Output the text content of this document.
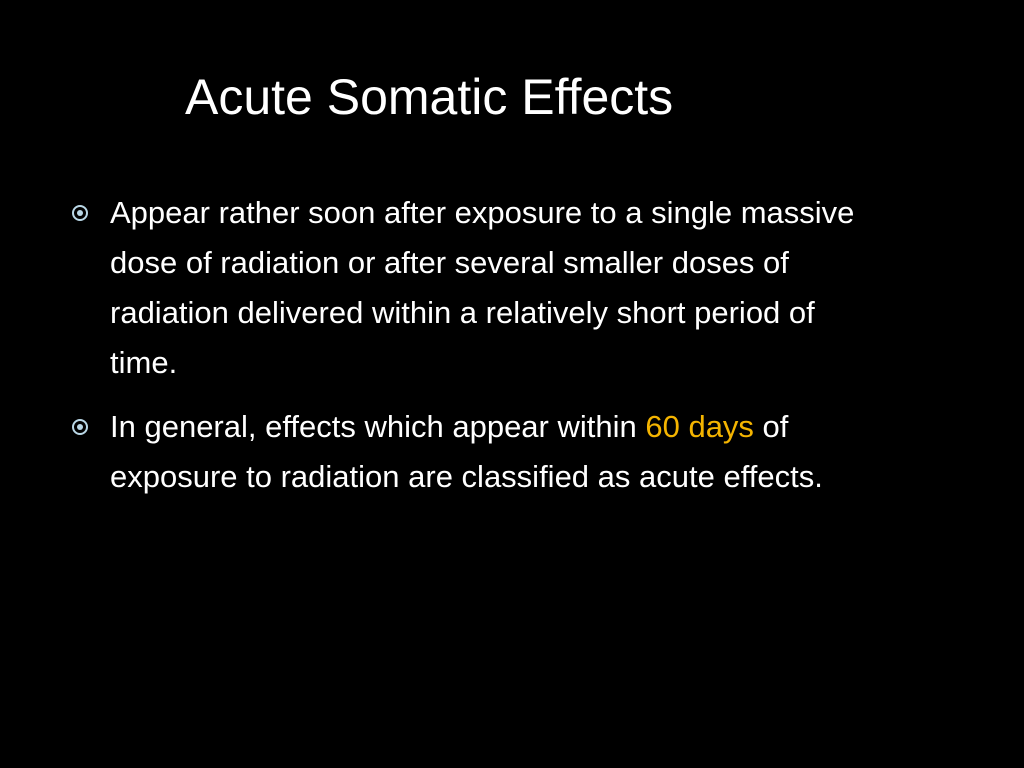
Acute Somatic Effects
Appear rather soon after exposure to a single massive dose of radiation or after several smaller doses of radiation delivered within a relatively short period of time.
In general, effects which appear within 60 days of exposure to radiation are classified as acute effects.
